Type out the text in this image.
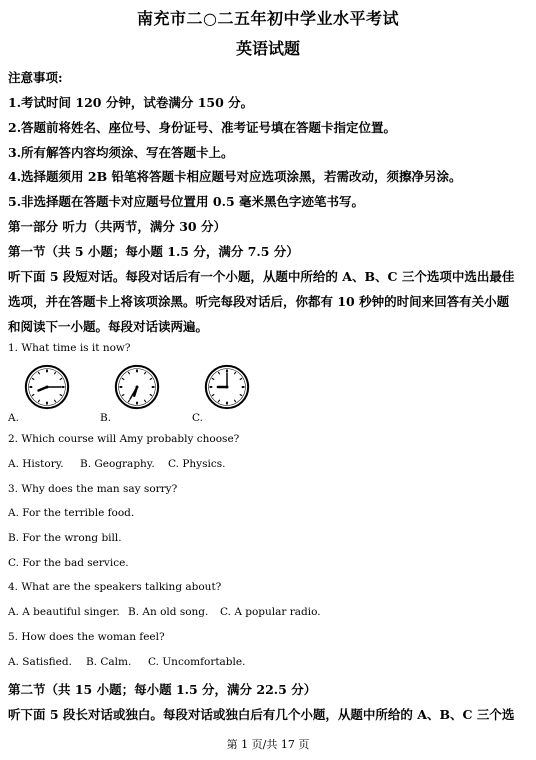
南充市二○二五年初中学业水平考试
英语试题
注意事项:
1.考试时间 120 分钟，试卷满分 150 分。
2.答题前将姓名、座位号、身份证号、准考证号填在答题卡指定位置。
3.所有解答内容均须涂、写在答题卡上。
4.选择题须用 2B 铅笔将答题卡相应题号对应选项涂黑，若需改动，须擦净另涂。
5.非选择题在答题卡对应题号位置用 0.5 毫米黑色字迹笔书写。
第一部分 听力（共两节，满分 30 分）
第一节（共 5 小题；每小题 1.5 分，满分 7.5 分）
听下面 5 段短对话。每段对话后有一个小题，从题中所给的 A、B、C 三个选项中选出最佳
选项，并在答题卡上将该项涂黑。听完每段对话后，你都有 10 秒钟的时间来回答有关小题
和阅读下一小题。每段对话读两遍。
1. What time is it now?
A.	B.	C.
2. Which course will Amy probably choose?
A. History. B. Geography. C. Physics.
3. Why does the man say sorry?
A. For the terrible food.
B. For the wrong bill.
C. For the bad service.
4. What are the speakers talking about?
A. A beautiful singer. B. An old song. C. A popular radio.
5. How does the woman feel?
A. Satisfied. B. Calm. C. Uncomfortable.
第二节（共 15 小题；每小题 1.5 分，满分 22.5 分）
听下面 5 段长对话或独白。每段对话或独白后有几个小题，从题中所给的 A、B、C 三个选
第 1 页/共 17 页
